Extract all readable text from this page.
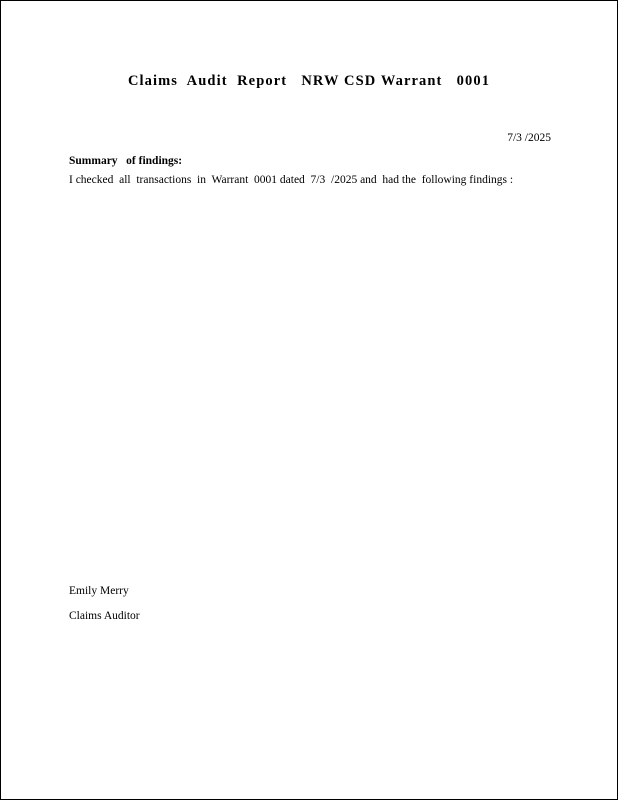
Claims  Audit  Report   NRW CSD Warrant   0001
7/3 /2025
Summary   of findings:
I checked  all  transactions  in  Warrant  0001 dated  7/3  /2025 and  had the  following findings :
Emily Merry
Claims Auditor
